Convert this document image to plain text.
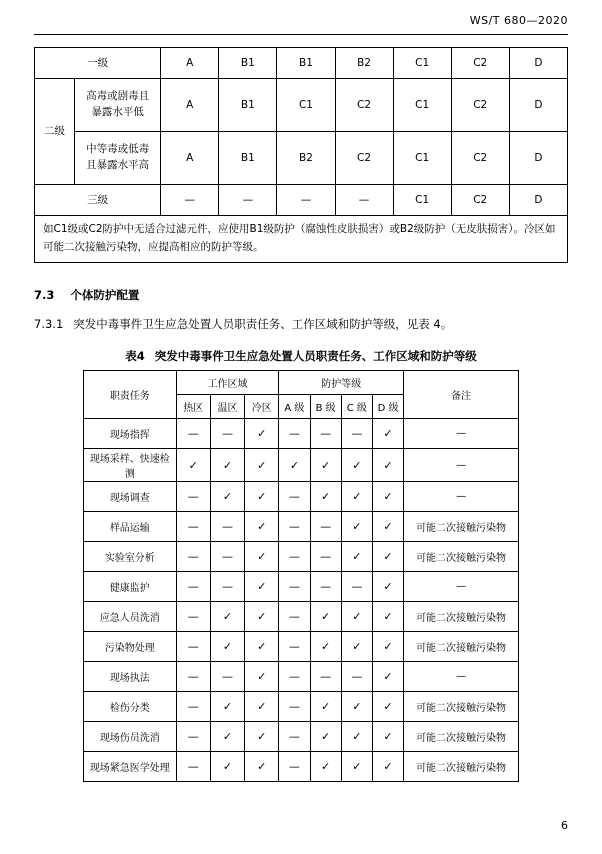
WS/T 680—2020
一级		A	B1	B1	B2	C1	C2	D
二级	高毒或剧毒且
暴露水平低	A	B1	C1	C2	C1	C2	D
	中等毒或低毒
且暴露水平高	A	B1	B2	C2	C1	C2	D
三级		—	—	—	—	C1	C2	D
如C1级或C2防护中无适合过滤元件，应使用B1级防护（腐蚀性皮肤损害）或B2级防护（无皮肤损害）。冷区如可能二次接触污染物，应提高相应的防护等级。								
7.3 个体防护配置
7.3.1 突发中毒事件卫生应急处置人员职责任务、工作区域和防护等级，见表 4。
表4 突发中毒事件卫生应急处置人员职责任务、工作区域和防护等级
职责任务	工作区域			防护等级				备注
	热区	温区	冷区	A 级	B 级	C 级	D 级	
现场指挥	—	—	✓	—	—	—	✓	—
现场采样、快速检测	✓	✓	✓	✓	✓	✓	✓	—
现场调查	—	✓	✓	—	✓	✓	✓	—
样品运输	—	—	✓	—	—	✓	✓	可能二次接触污染物
实验室分析	—	—	✓	—	—	✓	✓	可能二次接触污染物
健康监护	—	—	✓	—	—	—	✓	—
应急人员洗消	—	✓	✓	—	✓	✓	✓	可能二次接触污染物
污染物处理	—	✓	✓	—	✓	✓	✓	可能二次接触污染物
现场执法	—	—	✓	—	—	—	✓	—
检伤分类	—	✓	✓	—	✓	✓	✓	可能二次接触污染物
现场伤员洗消	—	✓	✓	—	✓	✓	✓	可能二次接触污染物
现场紧急医学处理	—	✓	✓	—	✓	✓	✓	可能二次接触污染物
6
